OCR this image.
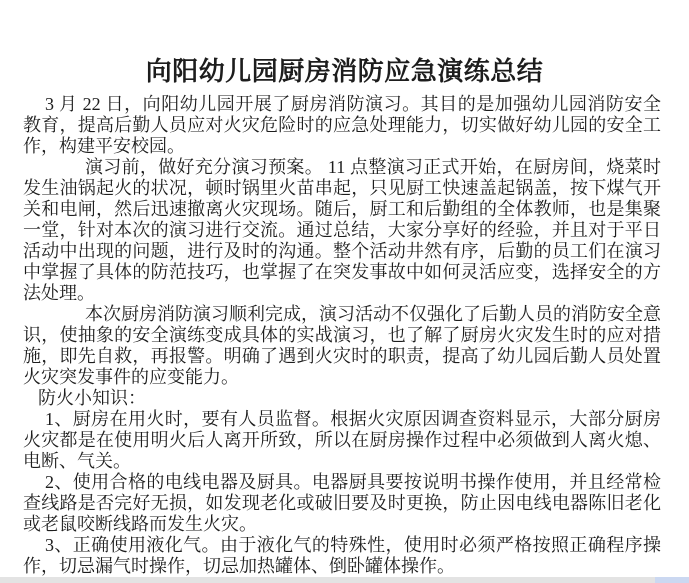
向阳幼儿园厨房消防应急演练总结

3 月 22 日，向阳幼儿园开展了厨房消防演习。其目的是加强幼儿园消防安全教育，提高后勤人员应对火灾危险时的应急处理能力，切实做好幼儿园的安全工作，构建平安校园。

演习前，做好充分演习预案。 11 点整演习正式开始，在厨房间，烧菜时发生油锅起火的状况，顿时锅里火苗串起，只见厨工快速盖起锅盖，按下煤气开关和电闸，然后迅速撤离火灾现场。随后，厨工和后勤组的全体教师，也是集聚一堂，针对本次的演习进行交流。通过总结，大家分享好的经验，并且对于平日活动中出现的问题，进行及时的沟通。整个活动井然有序，后勤的员工们在演习中掌握了具体的防范技巧，也掌握了在突发事故中如何灵活应变，选择安全的方法处理。

本次厨房消防演习顺利完成，演习活动不仅强化了后勤人员的消防安全意识，使抽象的安全演练变成具体的实战演习，也了解了厨房火灾发生时的应对措施，即先自救，再报警。明确了遇到火灾时的职责，提高了幼儿园后勤人员处置火灾突发事件的应变能力。

防火小知识：

1、厨房在用火时，要有人员监督。根据火灾原因调查资料显示，大部分厨房火灾都是在使用明火后人离开所致，所以在厨房操作过程中必须做到人离火熄、电断、气关。

2、使用合格的电线电器及厨具。电器厨具要按说明书操作使用，并且经常检查线路是否完好无损，如发现老化或破旧要及时更换，防止因电线电器陈旧老化或老鼠咬断线路而发生火灾。

3、正确使用液化气。由于液化气的特殊性，使用时必须严格按照正确程序操作，切忌漏气时操作，切忌加热罐体、倒卧罐体操作。
